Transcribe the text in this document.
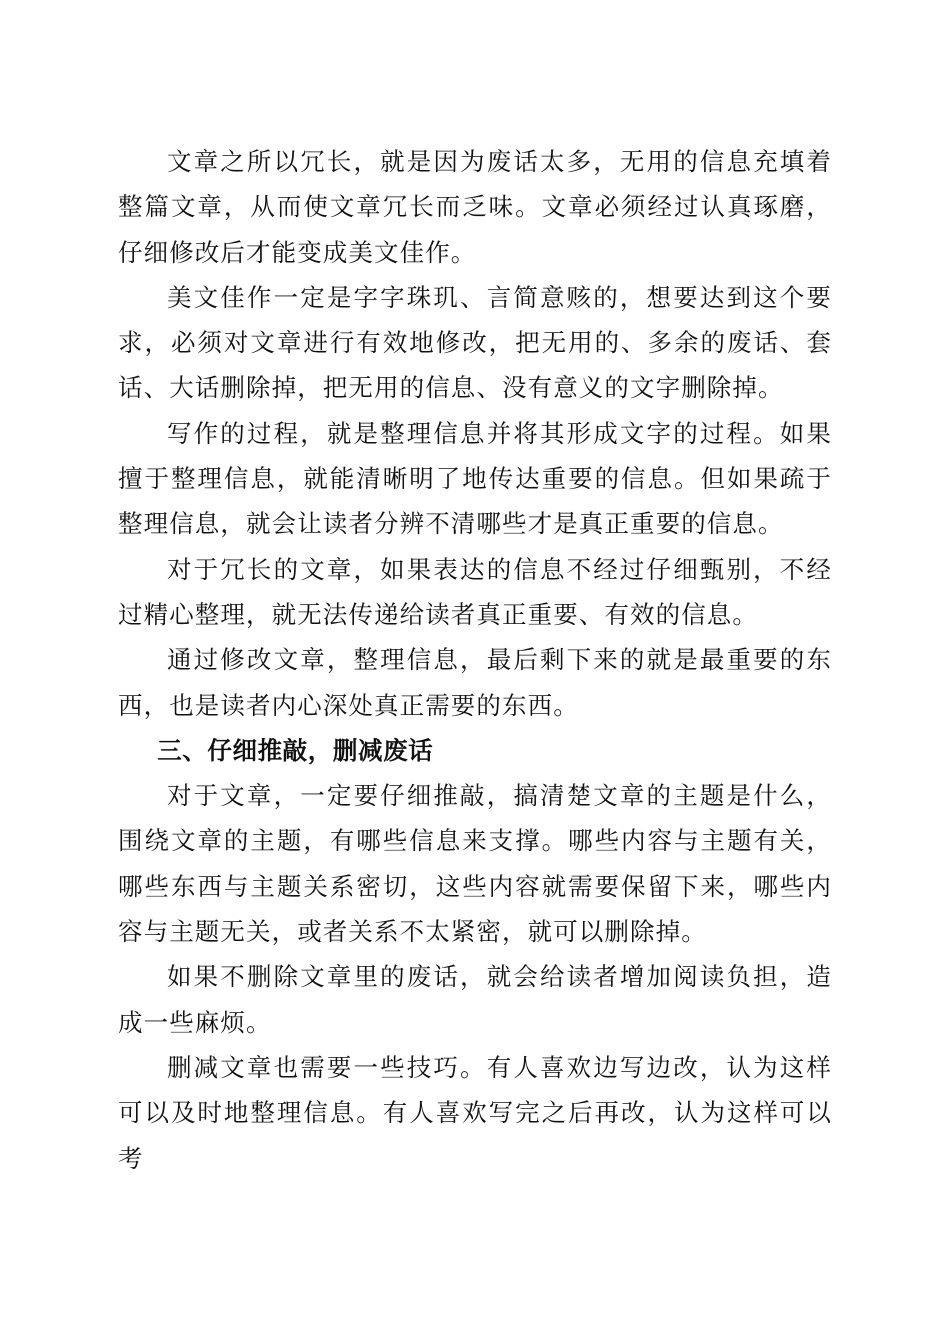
文章之所以冗长，就是因为废话太多，无用的信息充填着整篇文章，从而使文章冗长而乏味。文章必须经过认真琢磨，仔细修改后才能变成美文佳作。

美文佳作一定是字字珠玑、言简意赅的，想要达到这个要求，必须对文章进行有效地修改，把无用的、多余的废话、套话、大话删除掉，把无用的信息、没有意义的文字删除掉。

写作的过程，就是整理信息并将其形成文字的过程。如果擅于整理信息，就能清晰明了地传达重要的信息。但如果疏于整理信息，就会让读者分辨不清哪些才是真正重要的信息。

对于冗长的文章，如果表达的信息不经过仔细甄别，不经过精心整理，就无法传递给读者真正重要、有效的信息。

通过修改文章，整理信息，最后剩下来的就是最重要的东西，也是读者内心深处真正需要的东西。

三、仔细推敲，删减废话

对于文章，一定要仔细推敲，搞清楚文章的主题是什么，围绕文章的主题，有哪些信息来支撑。哪些内容与主题有关，哪些东西与主题关系密切，这些内容就需要保留下来，哪些内容与主题无关，或者关系不太紧密，就可以删除掉。

如果不删除文章里的废话，就会给读者增加阅读负担，造成一些麻烦。

删减文章也需要一些技巧。有人喜欢边写边改，认为这样可以及时地整理信息。有人喜欢写完之后再改，认为这样可以考
